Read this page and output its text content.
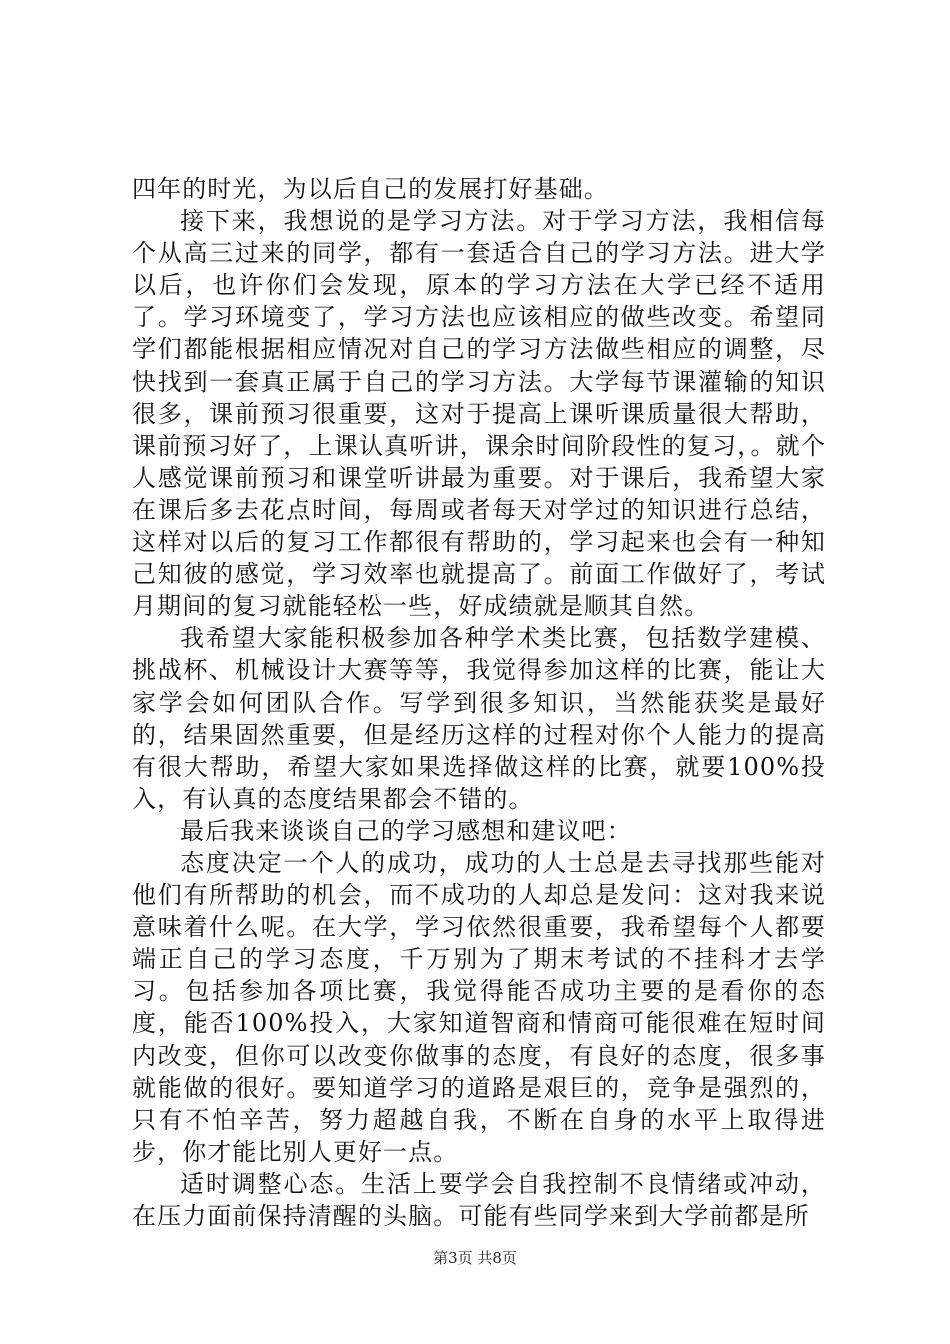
四年的时光，为以后自己的发展打好基础。

接下来，我想说的是学习方法。对于学习方法，我相信每个从高三过来的同学，都有一套适合自己的学习方法。进大学以后，也许你们会发现，原本的学习方法在大学已经不适用了。学习环境变了，学习方法也应该相应的做些改变。希望同学们都能根据相应情况对自己的学习方法做些相应的调整，尽快找到一套真正属于自己的学习方法。大学每节课灌输的知识很多，课前预习很重要，这对于提高上课听课质量很大帮助，课前预习好了，上课认真听讲，课余时间阶段性的复习，。就个人感觉课前预习和课堂听讲最为重要。对于课后，我希望大家在课后多去花点时间，每周或者每天对学过的知识进行总结，这样对以后的复习工作都很有帮助的，学习起来也会有一种知己知彼的感觉，学习效率也就提高了。前面工作做好了，考试月期间的复习就能轻松一些，好成绩就是顺其自然。

我希望大家能积极参加各种学术类比赛，包括数学建模、挑战杯、机械设计大赛等等，我觉得参加这样的比赛，能让大家学会如何团队合作。写学到很多知识，当然能获奖是最好的，结果固然重要，但是经历这样的过程对你个人能力的提高有很大帮助，希望大家如果选择做这样的比赛，就要100%投入，有认真的态度结果都会不错的。

最后我来谈谈自己的学习感想和建议吧：

态度决定一个人的成功，成功的人士总是去寻找那些能对他们有所帮助的机会，而不成功的人却总是发问：这对我来说意味着什么呢。在大学，学习依然很重要，我希望每个人都要端正自己的学习态度，千万别为了期末考试的不挂科才去学习。包括参加各项比赛，我觉得能否成功主要的是看你的态度，能否100%投入，大家知道智商和情商可能很难在短时间内改变，但你可以改变你做事的态度，有良好的态度，很多事就能做的很好。要知道学习的道路是艰巨的，竞争是强烈的，只有不怕辛苦，努力超越自我，不断在自身的水平上取得进步，你才能比别人更好一点。

适时调整心态。生活上要学会自我控制不良情绪或冲动，在压力面前保持清醒的头脑。可能有些同学来到大学前都是所

第3页 共8页
